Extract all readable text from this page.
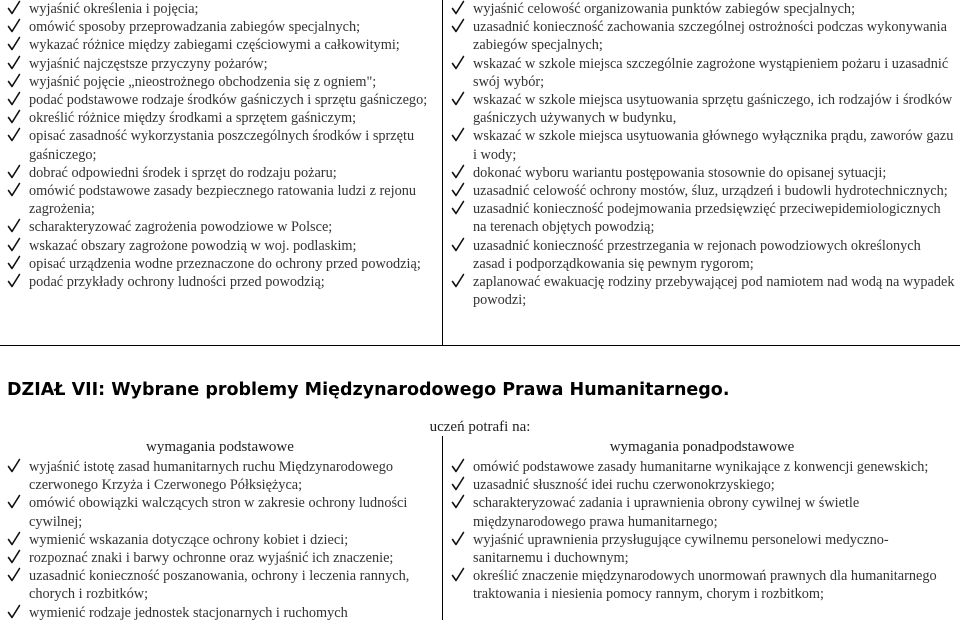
wyjaśnić określenia i pojęcia;
omówić sposoby przeprowadzania zabiegów specjalnych;
wykazać różnice między zabiegami częściowymi a całkowitymi;
wyjaśnić najczęstsze przyczyny pożarów;
wyjaśnić pojęcie „nieostrożnego obchodzenia się z ogniem";
podać podstawowe rodzaje środków gaśniczych i sprzętu gaśniczego;
określić różnice między środkami a sprzętem gaśniczym;
opisać zasadność wykorzystania poszczególnych środków i sprzętu gaśniczego;
dobrać odpowiedni środek i sprzęt do rodzaju pożaru;
omówić podstawowe zasady bezpiecznego ratowania ludzi z rejonu zagrożenia;
scharakteryzować zagrożenia powodziowe w Polsce;
wskazać obszary zagrożone powodzią w woj. podlaskim;
opisać urządzenia wodne przeznaczone do ochrony przed powodzią;
podać przykłady ochrony ludności przed powodzią;
wyjaśnić celowość organizowania punktów zabiegów specjalnych;
uzasadnić konieczność zachowania szczególnej ostrożności podczas wykonywania zabiegów specjalnych;
wskazać w szkole miejsca szczególnie zagrożone wystąpieniem pożaru i uzasadnić swój wybór;
wskazać w szkole miejsca usytuowania sprzętu gaśniczego, ich rodzajów i środków gaśniczych używanych w budynku,
wskazać w szkole miejsca usytuowania głównego wyłącznika prądu, zaworów gazu i wody;
dokonać wyboru wariantu postępowania stosownie do opisanej sytuacji;
uzasadnić celowość ochrony mostów, śluz, urządzeń i budowli hydrotechnicznych;
uzasadnić konieczność podejmowania przedsięwzięć przeciwepidemiologicznych na terenach objętych powodzią;
uzasadnić konieczność przestrzegania w rejonach powodziowych określonych zasad i podporządkowania się pewnym rygorom;
zaplanować ewakuację rodziny przebywającej pod namiotem nad wodą na wypadek powodzi;
DZIAŁ VII: Wybrane problemy Międzynarodowego Prawa Humanitarnego.
uczeń potrafi na:
wymagania podstawowe
wyjaśnić istotę zasad humanitarnych ruchu Międzynarodowego czerwonego Krzyża i Czerwonego Półksiężyca;
omówić obowiązki walczących stron w zakresie ochrony ludności cywilnej;
wymienić wskazania dotyczące ochrony kobiet i dzieci;
rozpoznać znaki i barwy ochronne oraz wyjaśnić ich znaczenie;
uzasadnić konieczność poszanowania, ochrony i leczenia rannych, chorych i rozbitków;
wymienić rodzaje jednostek stacjonarnych i ruchomych
wymagania ponadpodstawowe
omówić podstawowe zasady humanitarne wynikające z konwencji genewskich;
uzasadnić słuszność idei ruchu czerwonokrzyskiego;
scharakteryzować zadania i uprawnienia obrony cywilnej w świetle międzynarodowego prawa humanitarnego;
wyjaśnić uprawnienia przysługujące cywilnemu personelowi medyczno-sanitarnemu i duchownym;
określić znaczenie międzynarodowych unormowań prawnych dla humanitarnego traktowania i niesienia pomocy rannym, chorym i rozbitkom;
